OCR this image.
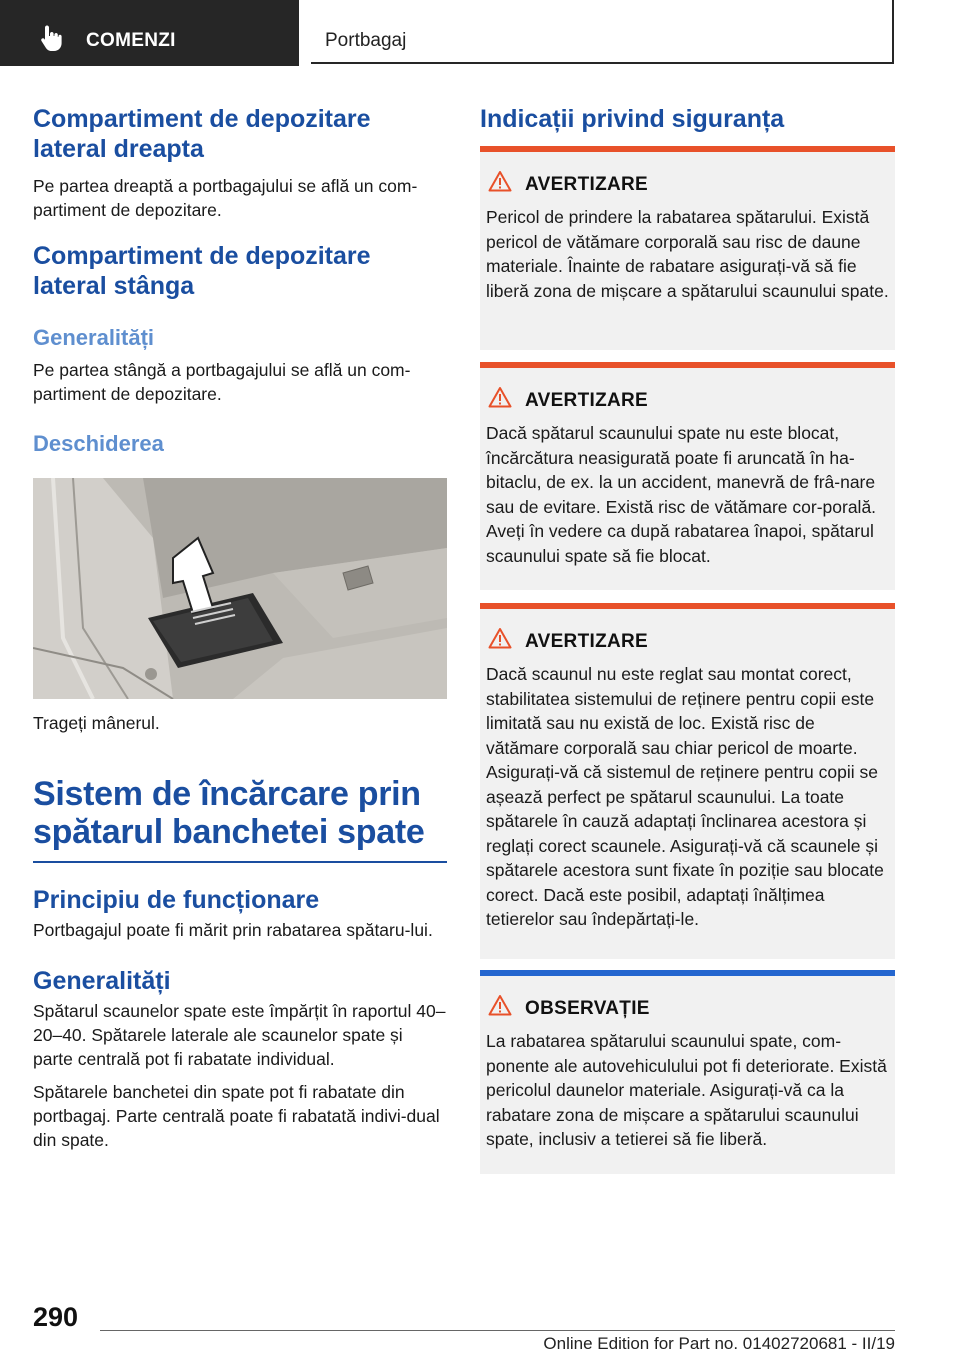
COMENZI	Portbagaj
Compartiment de depozitare lateral dreapta

Pe partea dreaptă a portbagajului se află un com‐partiment de depozitare.

Compartiment de depozitare lateral stânga
Generalități

Pe partea stângă a portbagajului se află un com‐partiment de depozitare.

Deschiderea

Trageți mânerul.

Sistem de încărcare prin spătarul banchetei spate
Principiu de funcționare

Portbagajul poate fi mărit prin rabatarea spătaru‐lui.

Generalități

Spătarul scaunelor spate este împărțit în raportul 40–20–40. Spătarele laterale ale scaunelor spate și parte centrală pot fi rabatate individual.

Spătarele banchetei din spate pot fi rabatate din portbagaj. Parte centrală poate fi rabatată indivi‐dual din spate.

Indicații privind siguranța
AVERTIZARE
Pericol de prindere la rabatarea spătarului. Există pericol de vătămare corporală sau risc de daune materiale. Înainte de rabatare asigurați-vă să fie liberă zona de mișcare a spătarului scaunului spate.
AVERTIZARE
Dacă spătarul scaunului spate nu este blocat, încărcătura neasigurată poate fi aruncată în ha‐bitaclu, de ex. la un accident, manevră de frâ‐nare sau de evitare. Există risc de vătămare cor‐porală. Aveți în vedere ca după rabatarea înapoi, spătarul scaunului spate să fie blocat.
AVERTIZARE
Dacă scaunul nu este reglat sau montat corect, stabilitatea sistemului de reținere pentru copii este limitată sau nu există de loc. Există risc de vătămare corporală sau chiar pericol de moarte. Asigurați-vă că sistemul de reținere pentru copii se așează perfect pe spătarul scaunului. La toate spătarele în cauză adaptați înclinarea acestora și reglați corect scaunele. Asigurați-vă că scaunele și spătarele acestora sunt fixate în poziție sau blocate corect. Dacă este posibil, adaptați înălțimea tetierelor sau îndepărtați-le.
OBSERVAȚIE
La rabatarea spătarului scaunului spate, com‐ponente ale autovehiculului pot fi deteriorate. Există pericolul daunelor materiale. Asigurați-vă ca la rabatare zona de mișcare a spătarului scaunului spate, inclusiv a tetierei să fie liberă.
290
Online Edition for Part no. 01402720681 - II/19
